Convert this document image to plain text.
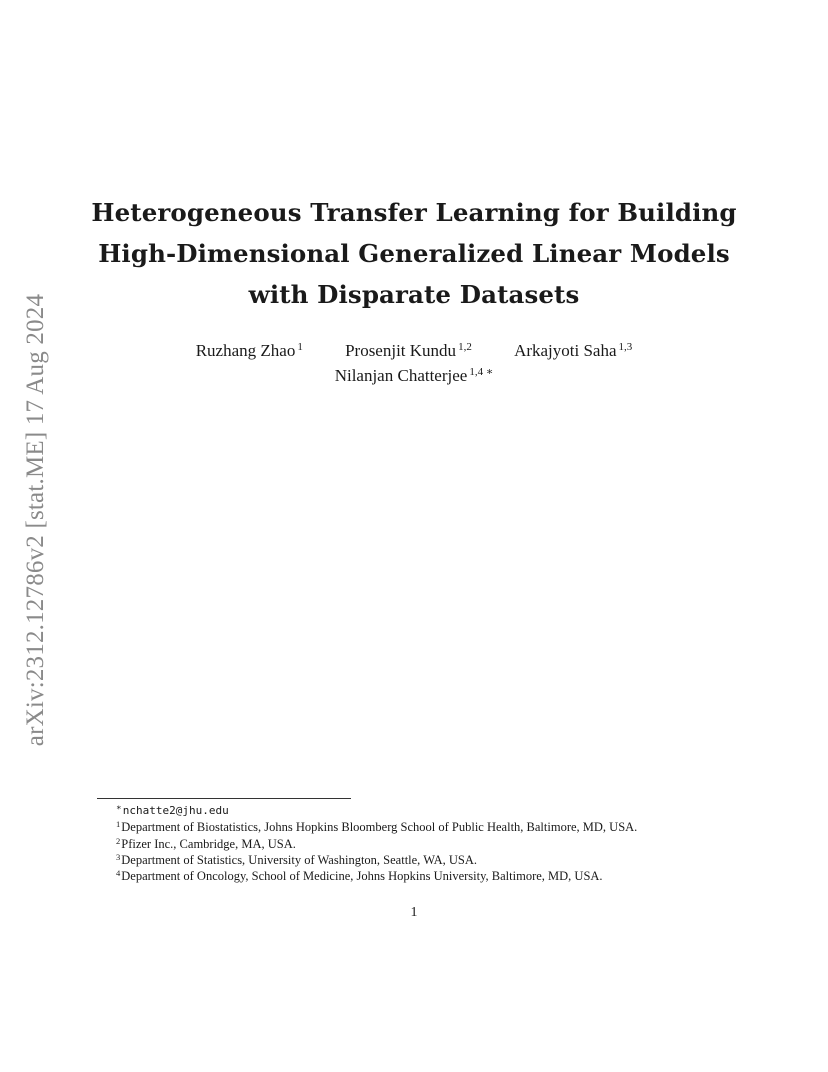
arXiv:2312.12786v2 [stat.ME] 17 Aug 2024
Heterogeneous Transfer Learning for Building
High-Dimensional Generalized Linear Models
with Disparate Datasets
Ruzhang Zhao $^1$ Prosenjit Kundu $^{1,2}$ Arkajyoti Saha $^{1,3}$
Nilanjan Chatterjee $^{1,4 ∗}$
∗nchatte2@jhu.edu
$^1$Department of Biostatistics, Johns Hopkins Bloomberg School of Public Health, Baltimore, MD, USA.
$^2$Pfizer Inc., Cambridge, MA, USA.
$^3$Department of Statistics, University of Washington, Seattle, WA, USA.
$^4$Department of Oncology, School of Medicine, Johns Hopkins University, Baltimore, MD, USA.
1
